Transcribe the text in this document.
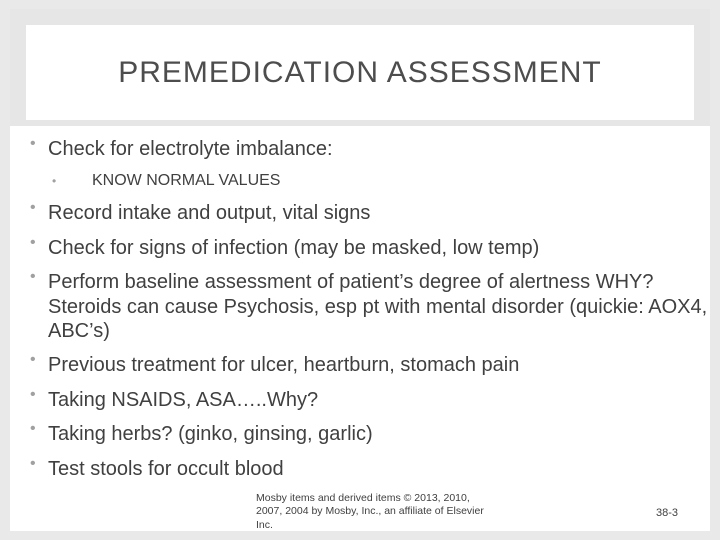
PREMEDICATION ASSESSMENT
• Check for electrolyte imbalance:
• KNOW NORMAL VALUES
• Record intake and output, vital signs
• Check for signs of infection (may be masked, low temp)
• Perform baseline assessment of patient’s degree of alertness WHY? Steroids can cause Psychosis, esp pt with mental disorder (quickie: AOX4, ABC’s)
• Previous treatment for ulcer, heartburn, stomach pain
• Taking NSAIDS, ASA…..Why?
• Taking herbs? (ginko, ginsing, garlic)
• Test stools for occult blood
Mosby items and derived items © 2013, 2010, 2007, 2004 by Mosby, Inc., an affiliate of Elsevier Inc.
38-3
